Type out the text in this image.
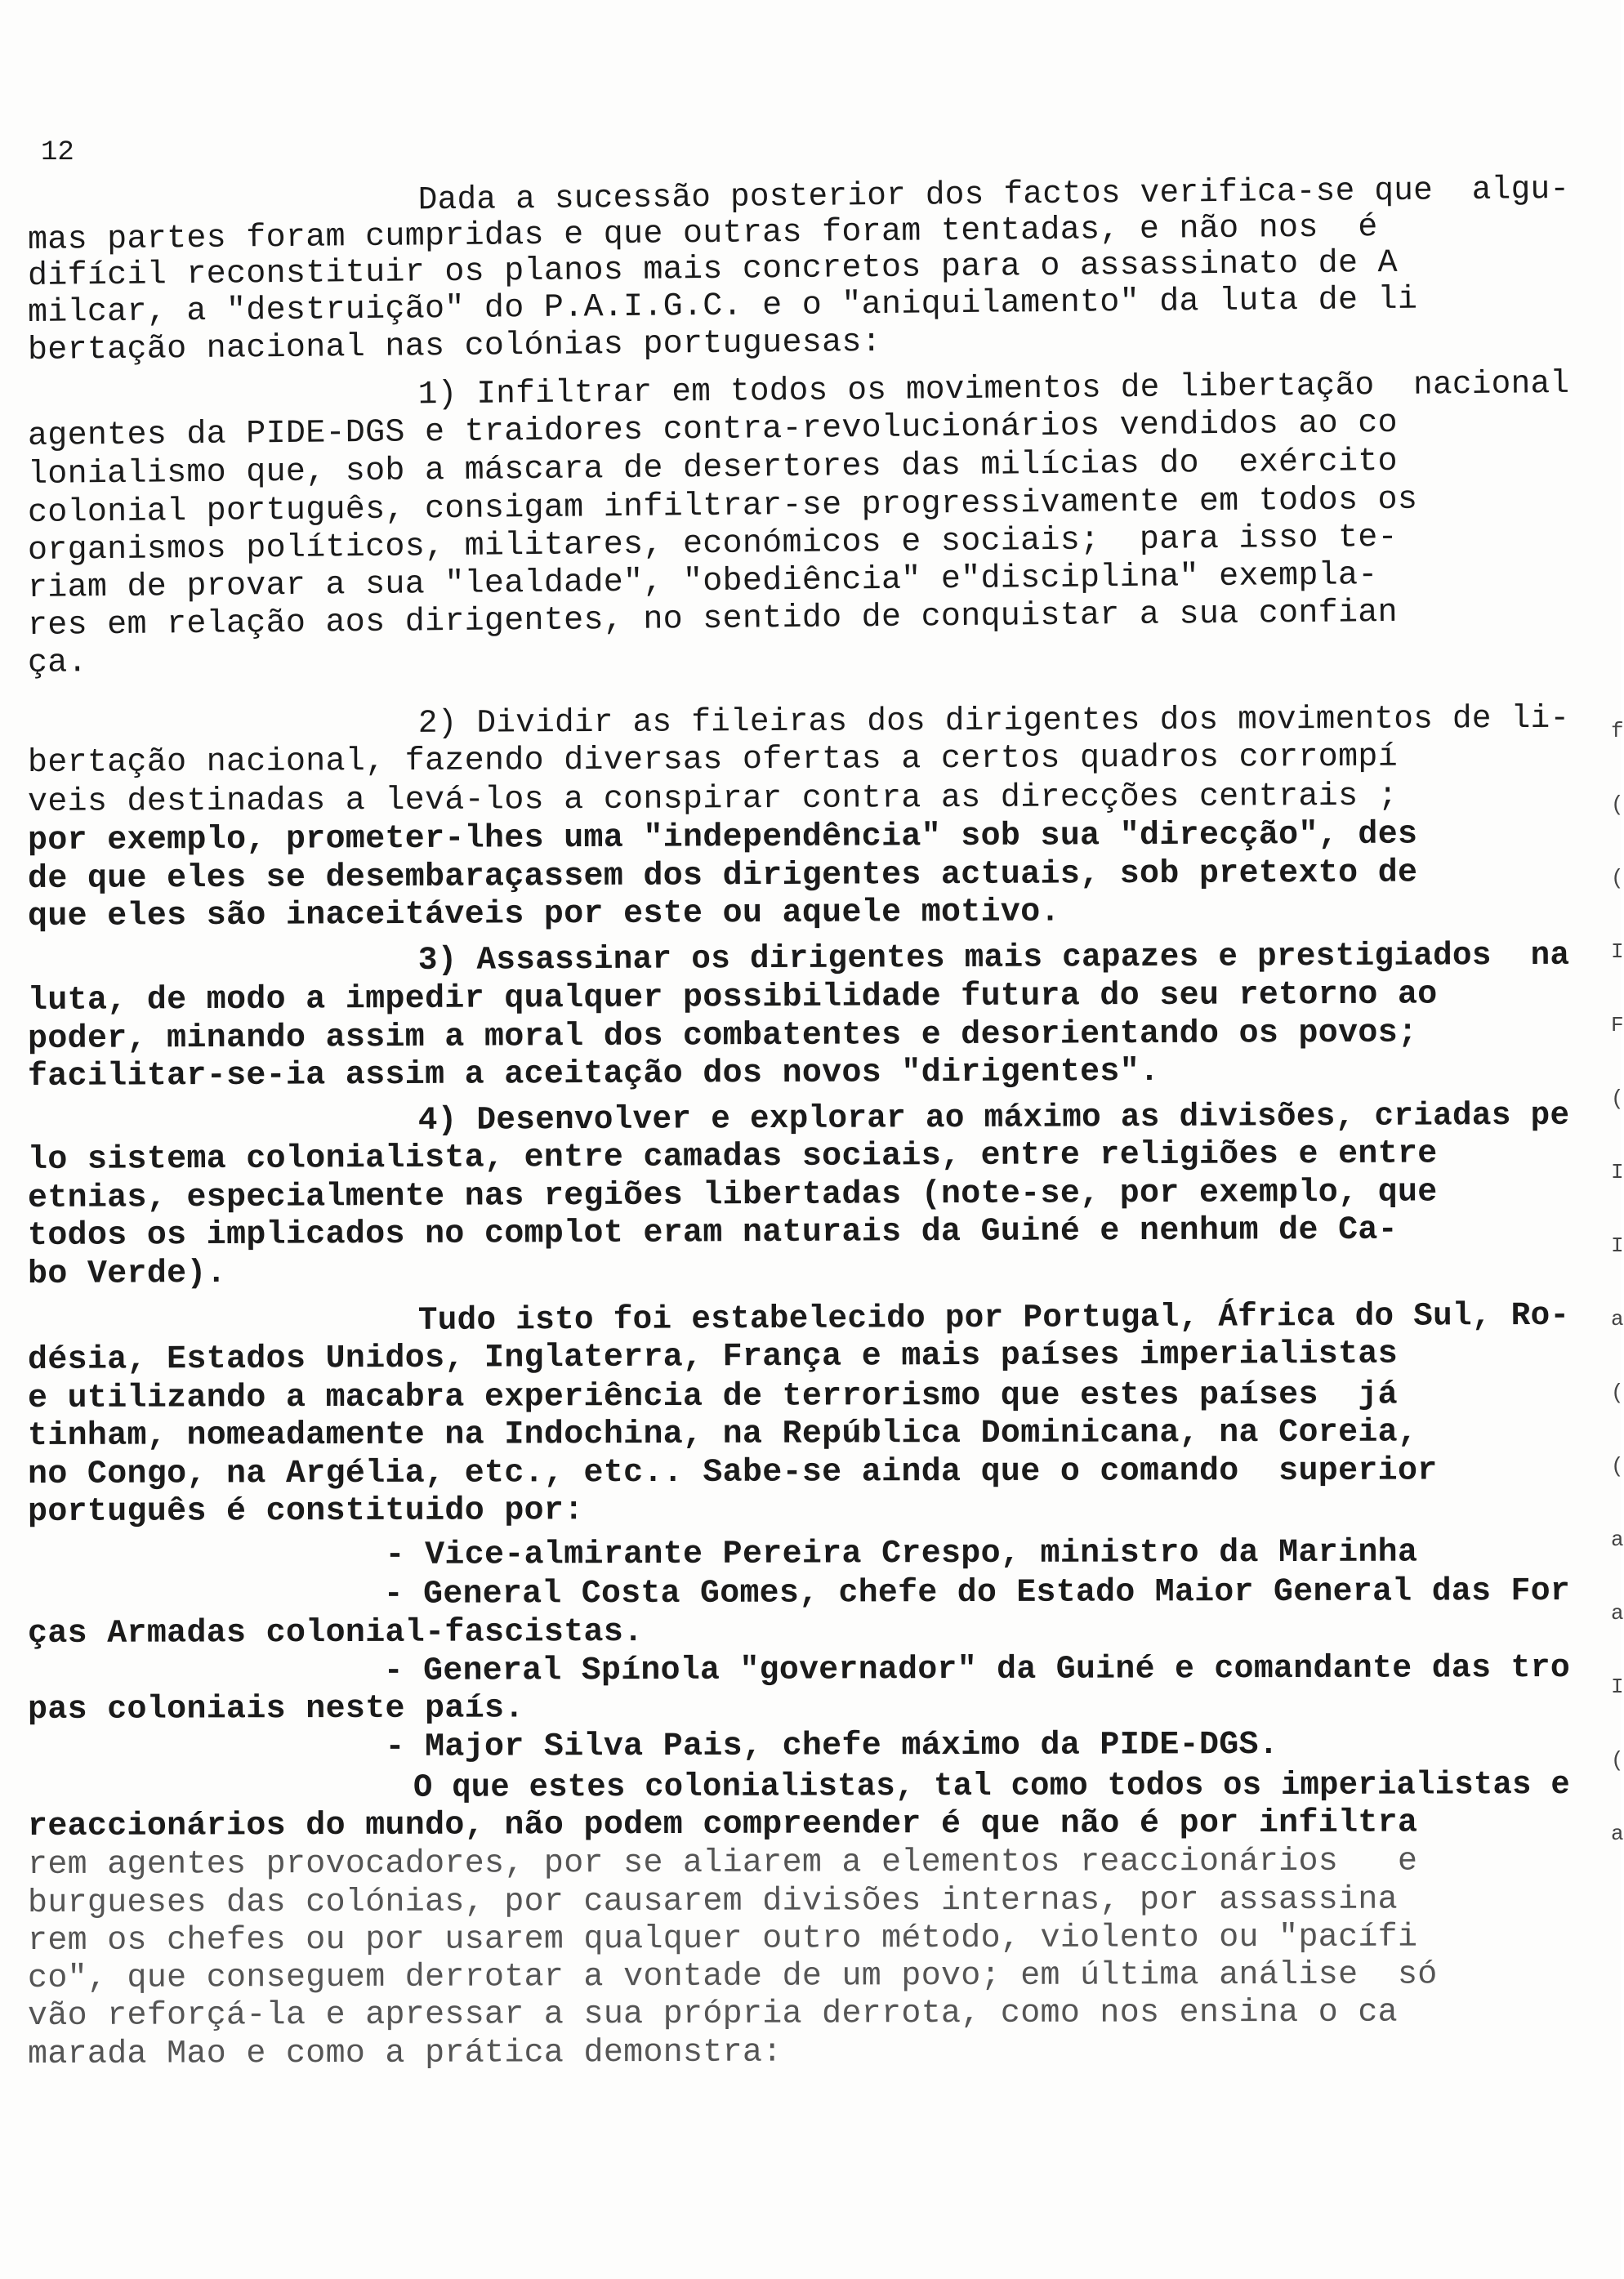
12
Dada a sucessão posterior dos factos verifica-se que  algu-
mas partes foram cumpridas e que outras foram tentadas, e não nos  é
difícil reconstituir os planos mais concretos para o assassinato de A
milcar, a "destruição" do P.A.I.G.C. e o "aniquilamento" da luta de li
bertação nacional nas colónias portuguesas:
1) Infiltrar em todos os movimentos de libertação  nacional
agentes da PIDE-DGS e traidores contra-revolucionários vendidos ao co
lonialismo que, sob a máscara de desertores das milícias do  exército
colonial português, consigam infiltrar-se progressivamente em todos os
organismos políticos, militares, económicos e sociais;  para isso te-
riam de provar a sua "lealdade", "obediência" e"disciplina" exempla-
res em relação aos dirigentes, no sentido de conquistar a sua confian
ça.
2) Dividir as fileiras dos dirigentes dos movimentos de li-
bertação nacional, fazendo diversas ofertas a certos quadros corrompí
veis destinadas a levá-los a conspirar contra as direcções centrais ;
por exemplo, prometer-lhes uma "independência" sob sua "direcção", des
de que eles se desembaraçassem dos dirigentes actuais, sob pretexto de
que eles são inaceitáveis por este ou aquele motivo.
3) Assassinar os dirigentes mais capazes e prestigiados  na
luta, de modo a impedir qualquer possibilidade futura do seu retorno ao
poder, minando assim a moral dos combatentes e desorientando os povos;
facilitar-se-ia assim a aceitação dos novos "dirigentes".
4) Desenvolver e explorar ao máximo as divisões, criadas pe
lo sistema colonialista, entre camadas sociais, entre religiões e entre
etnias, especialmente nas regiões libertadas (note-se, por exemplo, que
todos os implicados no complot eram naturais da Guiné e nenhum de Ca-
bo Verde).
Tudo isto foi estabelecido por Portugal, África do Sul, Ro-
désia, Estados Unidos, Inglaterra, França e mais países imperialistas
e utilizando a macabra experiência de terrorismo que estes países  já
tinham, nomeadamente na Indochina, na República Dominicana, na Coreia,
no Congo, na Argélia, etc., etc.. Sabe-se ainda que o comando  superior
português é constituido por:
- Vice-almirante Pereira Crespo, ministro da Marinha
- General Costa Gomes, chefe do Estado Maior General das For
ças Armadas colonial-fascistas.
- General Spínola "governador" da Guiné e comandante das tro
pas coloniais neste país.
- Major Silva Pais, chefe máximo da PIDE-DGS.
O que estes colonialistas, tal como todos os imperialistas e
reaccionários do mundo, não podem compreender é que não é por infiltra
rem agentes provocadores, por se aliarem a elementos reaccionários   e
burgueses das colónias, por causarem divisões internas, por assassina
rem os chefes ou por usarem qualquer outro método, violento ou "pacífi
co", que conseguem derrotar a vontade de um povo; em última análise  só
vão reforçá-la e apressar a sua própria derrota, como nos ensina o ca
marada Mao e como a prática demonstra:
f
(
(
I
F
(
I
I
a
(
(
a
a
I
(
a
